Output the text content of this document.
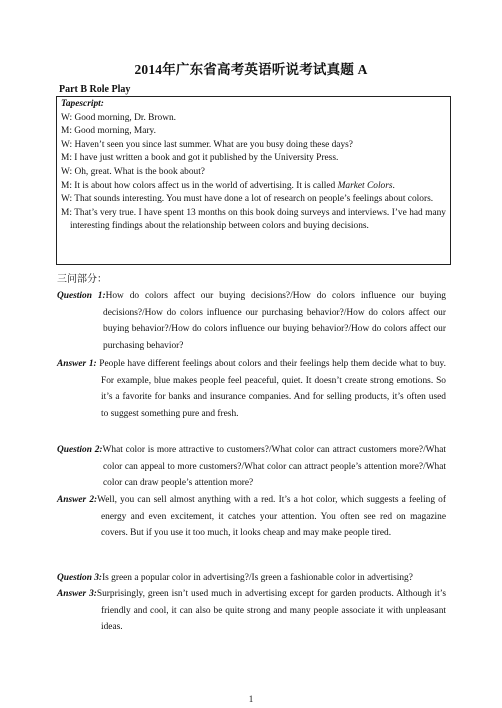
2014年广东省高考英语听说考试真题 A
Part B Role Play
Tapescript:
W: Good morning, Dr. Brown.
M: Good morning, Mary.
W: Haven’t seen you since last summer. What are you busy doing these days?
M: I have just written a book and got it published by the University Press.
W: Oh, great. What is the book about?
M: It is about how colors affect us in the world of advertising. It is called Market Colors.
W: That sounds interesting. You must have done a lot of research on people’s feelings about colors.
M: That’s very true. I have spent 13 months on this book doing surveys and interviews. I’ve had many interesting findings about the relationship between colors and buying decisions.
三问部分：
Question 1:How do colors affect our buying decisions?/How do colors influence our buying decisions?/How do colors influence our purchasing behavior?/How do colors affect our buying behavior?/How do colors influence our buying behavior?/How do colors affect our purchasing behavior?
Answer 1: People have different feelings about colors and their feelings help them decide what to buy. For example, blue makes people feel peaceful, quiet. It doesn’t create strong emotions. So it’s a favorite for banks and insurance companies. And for selling products, it’s often used to suggest something pure and fresh.
Question 2:What color is more attractive to customers?/What color can attract customers more?/What color can appeal to more customers?/What color can attract people’s attention more?/What color can draw people’s attention more?
Answer 2:Well, you can sell almost anything with a red. It’s a hot color, which suggests a feeling of energy and even excitement, it catches your attention. You often see red on magazine covers. But if you use it too much, it looks cheap and may make people tired.
Question 3:Is green a popular color in advertising?/Is green a fashionable color in advertising?
Answer 3:Surprisingly, green isn’t used much in advertising except for garden products. Although it’s friendly and cool, it can also be quite strong and many people associate it with unpleasant ideas.
1
